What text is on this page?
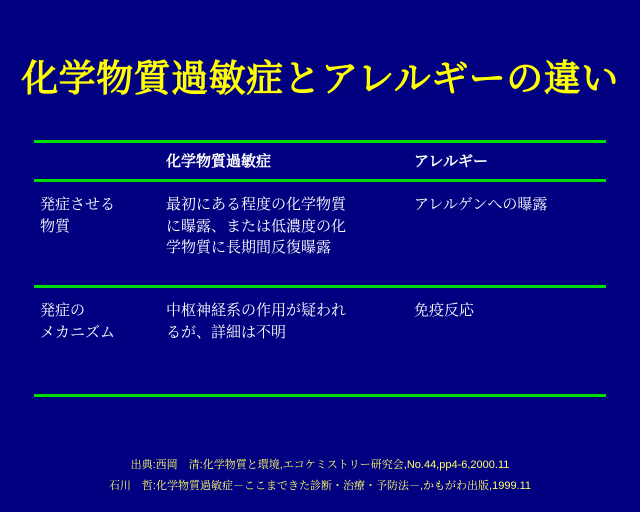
化学物質過敏症とアレルギーの違い
化学物質過敏症	アレルギー
発症させる
物質
最初にある程度の化学物質
に曝露、または低濃度の化
学物質に長期間反復曝露
アレルゲンへの曝露
発症の
メカニズム
中枢神経系の作用が疑われ
るが、詳細は不明
免疫反応
出典:西岡　清:化学物質と環境,エコケミストリー研究会,No.44,pp4-6,2000.11
石川　哲:化学物質過敏症－ここまできた診断・治療・予防法－,かもがわ出版,1999.11
